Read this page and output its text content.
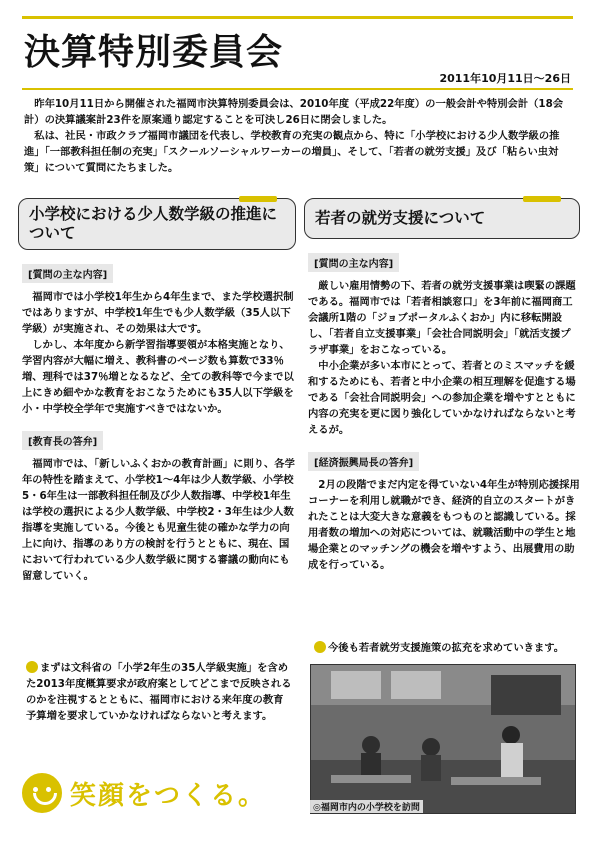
決算特別委員会
2011年10月11日～26日

昨年10月11日から開催された福岡市決算特別委員会は、2010年度（平成22年度）の一般会計や特別会計（18会計）の決算議案計23件を原案通り認定することを可決し26日に閉会しました。

私は、社民・市政クラブ福岡市議団を代表し、学校教育の充実の観点から、特に「小学校における少人数学級の推進」「一部教科担任制の充実」「スクールソーシャルワーカーの増員」、そして、「若者の就労支援」及び「粘らい虫対策」について質問にたちました。

小学校における少人数学級の推進について
[質問の主な内容]

福岡市では小学校1年生から4年生まで、また学校選択制ではありますが、中学校1年生でも少人数学級（35人以下学級）が実施され、その効果は大です。

しかし、本年度から新学習指導要領が本格実施となり、学習内容が大幅に増え、教科書のページ数も算数で33％増、理科では37％増となるなど、全ての教科等で今まで以上にきめ細やかな教育をおこなうためにも35人以下学級を小・中学校全学年で実施すべきではないか。

[教育長の答弁]

福岡市では、「新しいふくおかの教育計画」に則り、各学年の特性を踏まえて、小学校1～4年は少人数学級、小学校5・6年生は一部教科担任制及び少人数指導、中学校1年生は学校の選択による少人数学級、中学校2・3年生は少人数指導を実施している。今後とも児童生徒の確かな学力の向上に向け、指導のあり方の検討を行うとともに、現在、国において行われている少人数学級に関する審議の動向にも留意していく。

まずは文科省の「小学2年生の35人学級実施」を含めた2013年度概算要求が政府案としてどこまで反映されるのかを注視するとともに、福岡市における来年度の教育予算増を要求していかなければならないと考えます。

若者の就労支援について
[質問の主な内容]

厳しい雇用情勢の下、若者の就労支援事業は喫緊の課題である。福岡市では「若者相談窓口」を3年前に福岡商工会議所1階の「ジョブポータルふくおか」内に移転開設し、「若者自立支援事業」「会社合同説明会」「就活支援プラザ事業」をおこなっている。

中小企業が多い本市にとって、若者とのミスマッチを緩和するためにも、若者と中小企業の相互理解を促進する場である「会社合同説明会」への参加企業を増やすとともに内容の充実を更に図り強化していかなければならないと考えるが。

[経済振興局長の答弁]

2月の段階でまだ内定を得ていない4年生が特別応援採用コーナーを利用し就職ができ、経済的自立のスタートがきれたことは大変大きな意義をもつものと認識している。採用者数の増加への対応については、就職活動中の学生と地場企業とのマッチングの機会を増やすよう、出展費用の助成を行っている。

今後も若者就労支援施策の拡充を求めていきます。

◎福岡市内の小学校を訪問
笑顔をつくる。
